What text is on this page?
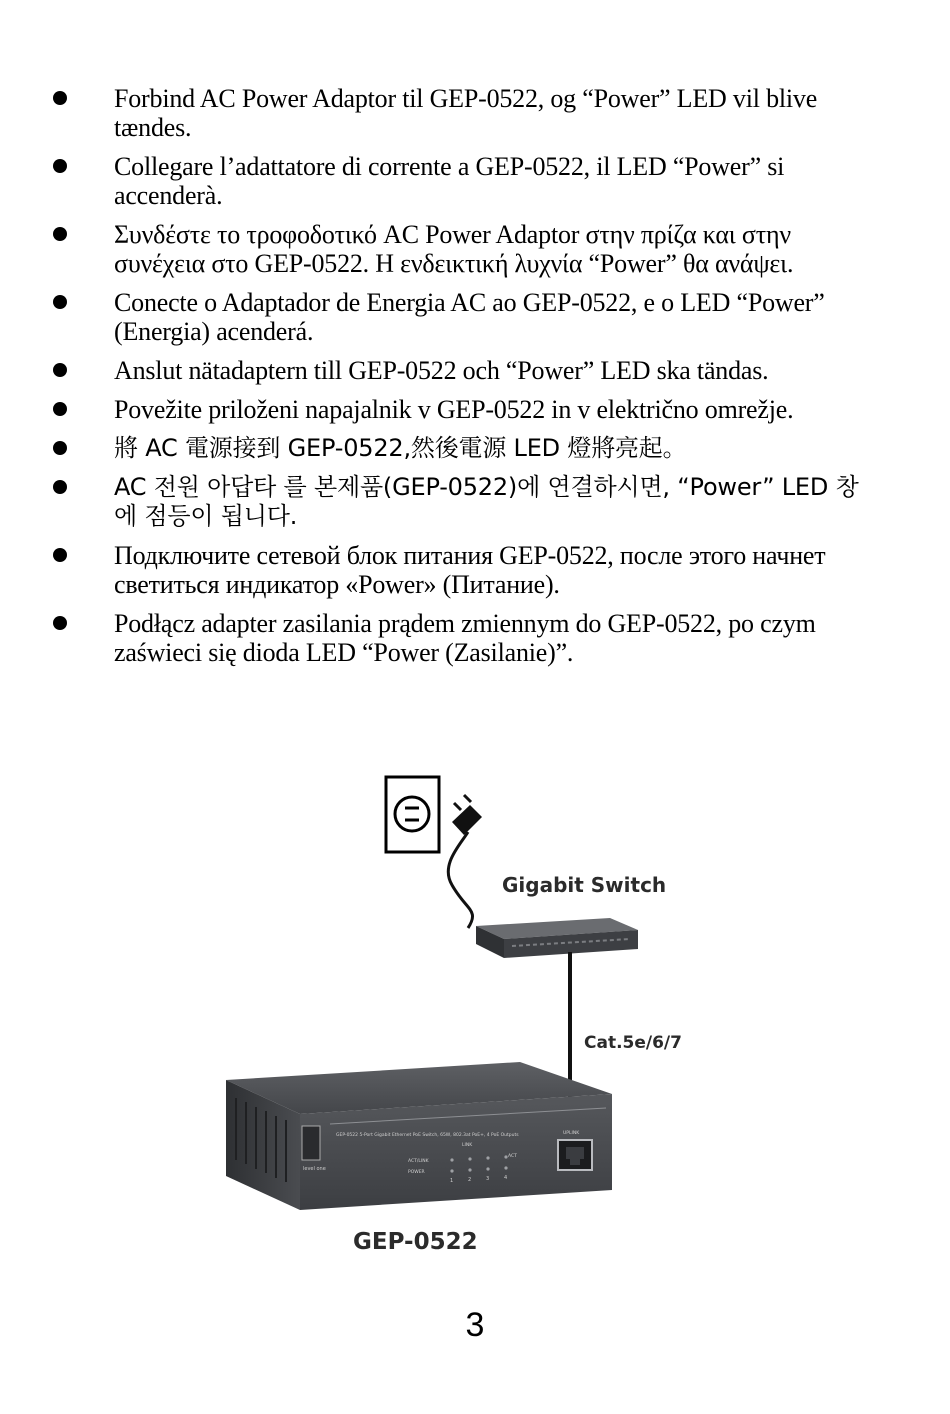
Forbind AC Power Adaptor til GEP-0522, og “Power” LED vil blive tændes.
Collegare l’adattatore di corrente a GEP-0522, il LED “Power” si accenderà.
Συνδέστε το τροφοδοτικό AC Power Adaptor στην πρίζα και στην συνέχεια στο GEP-0522. Η ενδεικτική λυχνία “Power” θα ανάψει.
Conecte o Adaptador de Energia AC ao GEP-0522, e o LED “Power” (Energia) acenderá.
Anslut nätadaptern till GEP-0522 och “Power” LED ska tändas.
Povežite priloženi napajalnik v GEP-0522 in v električno omrežje.
將 AC 電源接到 GEP-0522,然後電源 LED 燈將亮起。
AC 전원 아답타 를 본제품(GEP-0522)에 연결하시면, “Power” LED 창에 점등이 됩니다.
Подключите сетевой блок питания GEP-0522, после этого начнет светиться индикатор «Power» (Питание).
Podłącz adapter zasilania prądem zmiennym do GEP-0522, po czym zaświeci się dioda LED “Power (Zasilanie)”.
Gigabit Switch
Cat.5e/6/7
level one
GEP-0522 5-Port Gigabit Ethernet PoE Switch, 65W, 802.3at PoE+, 4 PoE Outputs
LINK
ACT
ACT/LINK
POWER
1	2	3	4
UPLINK
GEP-0522
3
